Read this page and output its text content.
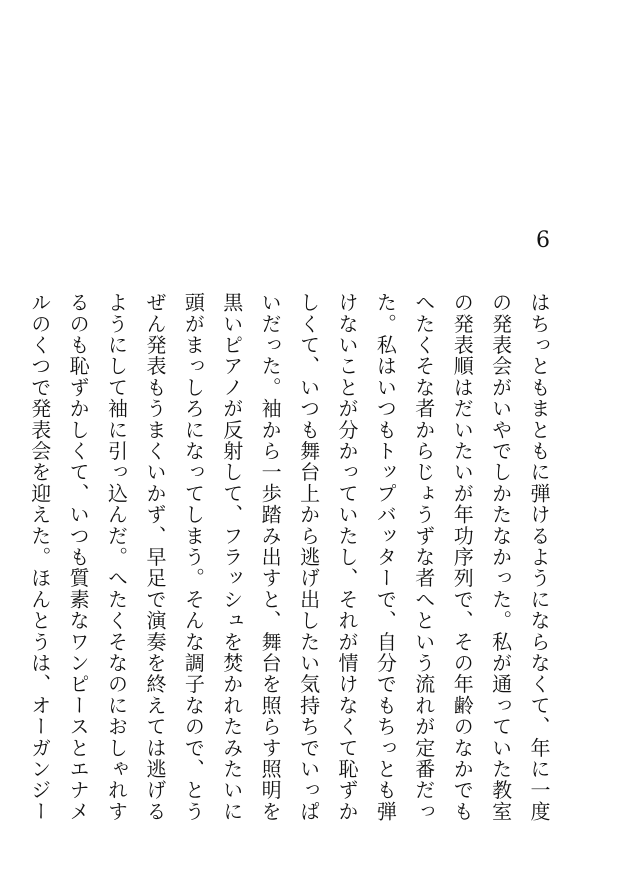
6
はちっともまともに弾けるようにならなくて、年に一度
の発表会がいやでしかたなかった。私が通っていた教室
の発表順はだいたいが年功序列で、その年齢のなかでも
へたくそな者からじょうずな者へという流れが定番だっ
た。私はいつもトップバッターで、自分でもちっとも弾
けないことが分かっていたし、それが情けなくて恥ずか
しくて、いつも舞台上から逃げ出したい気持ちでいっぱ
いだった。袖から一歩踏み出すと、舞台を照らす照明を
黒いピアノが反射して、フラッシュを焚かれたみたいに
頭がまっしろになってしまう。そんな調子なので、とう
ぜん発表もうまくいかず、早足で演奏を終えては逃げる
ようにして袖に引っ込んだ。へたくそなのにおしゃれす
るのも恥ずかしくて、いつも質素なワンピースとエナメ
ルのくつで発表会を迎えた。ほんとうは、オーガンジー
